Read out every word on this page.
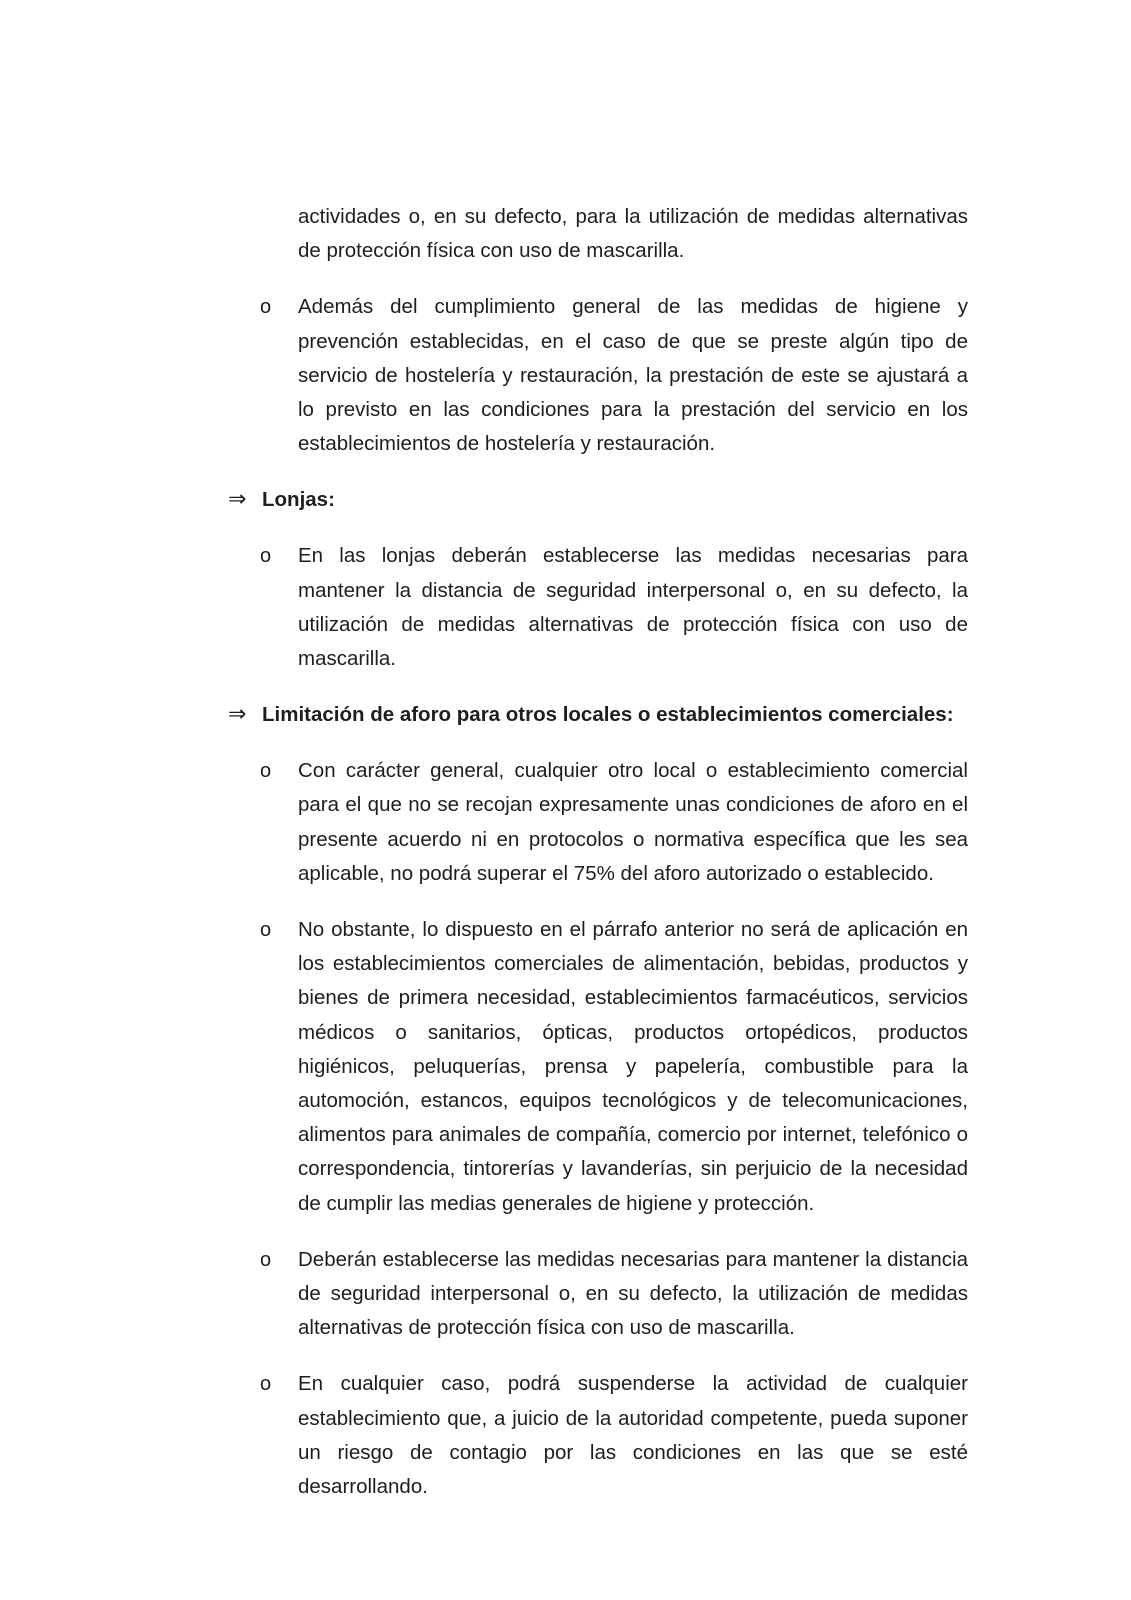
actividades o, en su defecto, para la utilización de medidas alternativas de protección física con uso de mascarilla.

o	Además del cumplimiento general de las medidas de higiene y prevención establecidas, en el caso de que se preste algún tipo de servicio de hostelería y restauración, la prestación de este se ajustará a lo previsto en las condiciones para la prestación del servicio en los establecimientos de hostelería y restauración.

⇒ Lonjas:
o	En las lonjas deberán establecerse las medidas necesarias para mantener la distancia de seguridad interpersonal o, en su defecto, la utilización de medidas alternativas de protección física con uso de mascarilla.

⇒ Limitación de aforo para otros locales o establecimientos comerciales:
o	Con carácter general, cualquier otro local o establecimiento comercial para el que no se recojan expresamente unas condiciones de aforo en el presente acuerdo ni en protocolos o normativa específica que les sea aplicable, no podrá superar el 75% del aforo autorizado o establecido.

o	No obstante, lo dispuesto en el párrafo anterior no será de aplicación en los establecimientos comerciales de alimentación, bebidas, productos y bienes de primera necesidad, establecimientos farmacéuticos, servicios médicos o sanitarios, ópticas, productos ortopédicos, productos higiénicos, peluquerías, prensa y papelería, combustible para la automoción, estancos, equipos tecnológicos y de telecomunicaciones, alimentos para animales de compañía, comercio por internet, telefónico o correspondencia, tintorerías y lavanderías, sin perjuicio de la necesidad de cumplir las medias generales de higiene y protección.

o	Deberán establecerse las medidas necesarias para mantener la distancia de seguridad interpersonal o, en su defecto, la utilización de medidas alternativas de protección física con uso de mascarilla.

o	En cualquier caso, podrá suspenderse la actividad de cualquier establecimiento que, a juicio de la autoridad competente, pueda suponer un riesgo de contagio por las condiciones en las que se esté desarrollando.
